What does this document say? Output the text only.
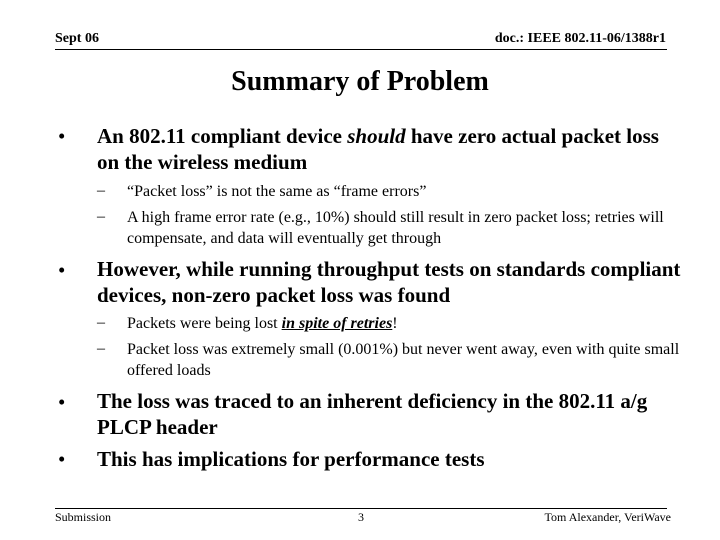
Sept 06	doc.: IEEE 802.11-06/1388r1
Summary of Problem
• An 802.11 compliant device should have zero actual packet loss on the wireless medium
– “Packet loss” is not the same as “frame errors”
– A high frame error rate (e.g., 10%) should still result in zero packet loss; retries will compensate, and data will eventually get through
• However, while running throughput tests on standards compliant devices, non-zero packet loss was found
– Packets were being lost in spite of retries!
– Packet loss was extremely small (0.001%) but never went away, even with quite small offered loads
• The loss was traced to an inherent deficiency in the 802.11 a/g PLCP header
• This has implications for performance tests
Submission	3	Tom Alexander, VeriWave
